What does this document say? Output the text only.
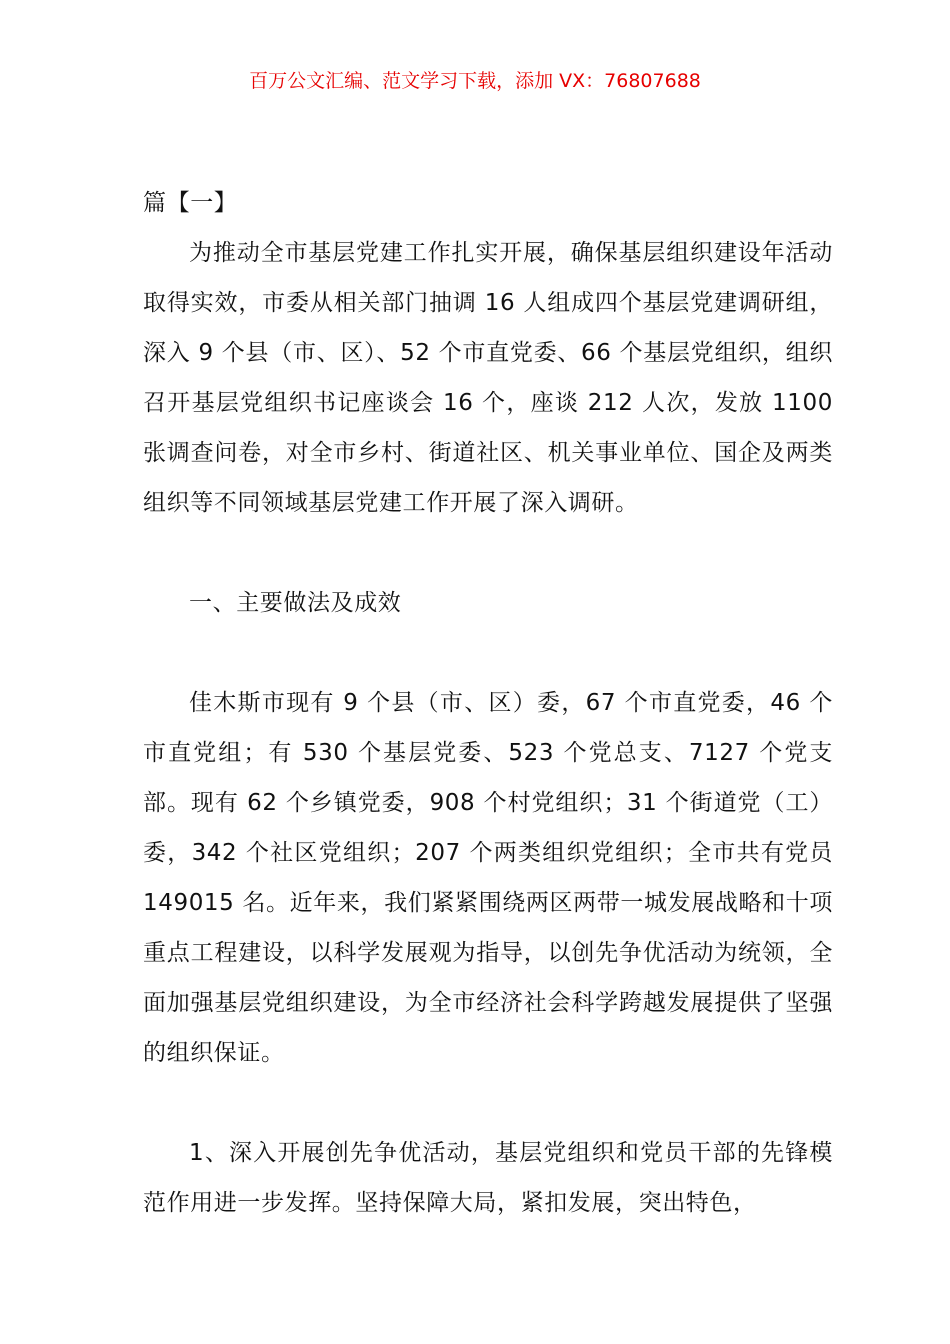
百万公文汇编、范文学习下载，添加 VX：76807688
篇【一】

为推动全市基层党建工作扎实开展，确保基层组织建设年活动取得实效，市委从相关部门抽调 16 人组成四个基层党建调研组，深入 9 个县（市、区）、52 个市直党委、66 个基层党组织，组织召开基层党组织书记座谈会 16 个，座谈 212 人次，发放 1100 张调查问卷，对全市乡村、街道社区、机关事业单位、国企及两类组织等不同领域基层党建工作开展了深入调研。

一、主要做法及成效

佳木斯市现有 9 个县（市、区）委，67 个市直党委，46 个市直党组；有 530 个基层党委、523 个党总支、7127 个党支部。现有 62 个乡镇党委，908 个村党组织；31 个街道党（工）委，342 个社区党组织；207 个两类组织党组织；全市共有党员 149015 名。近年来，我们紧紧围绕两区两带一城发展战略和十项重点工程建设，以科学发展观为指导，以创先争优活动为统领，全面加强基层党组织建设，为全市经济社会科学跨越发展提供了坚强的组织保证。

1、深入开展创先争优活动，基层党组织和党员干部的先锋模范作用进一步发挥。坚持保障大局，紧扣发展，突出特色，
